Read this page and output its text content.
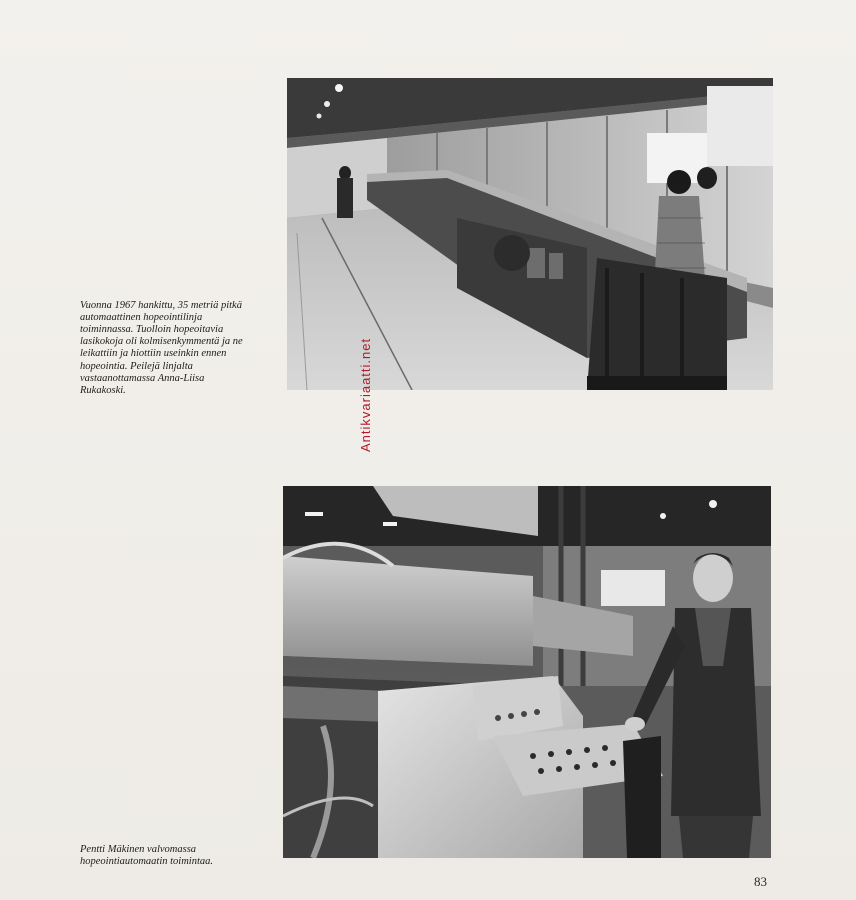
Vuonna 1967 hankittu, 35 metriä pitkä automaattinen hopeointilinja toiminnassa. Tuolloin hopeoitavia lasikokoja oli kolmisenkymmentä ja ne leikattiin ja hiottiin useinkin ennen hopeointia. Peilejä linjalta vastaanottamassa Anna-Liisa Rukakoski.

Pentti Mäkinen valvomassa hopeointiautomaatin toimintaa.

Antikvariaatti.net
83
